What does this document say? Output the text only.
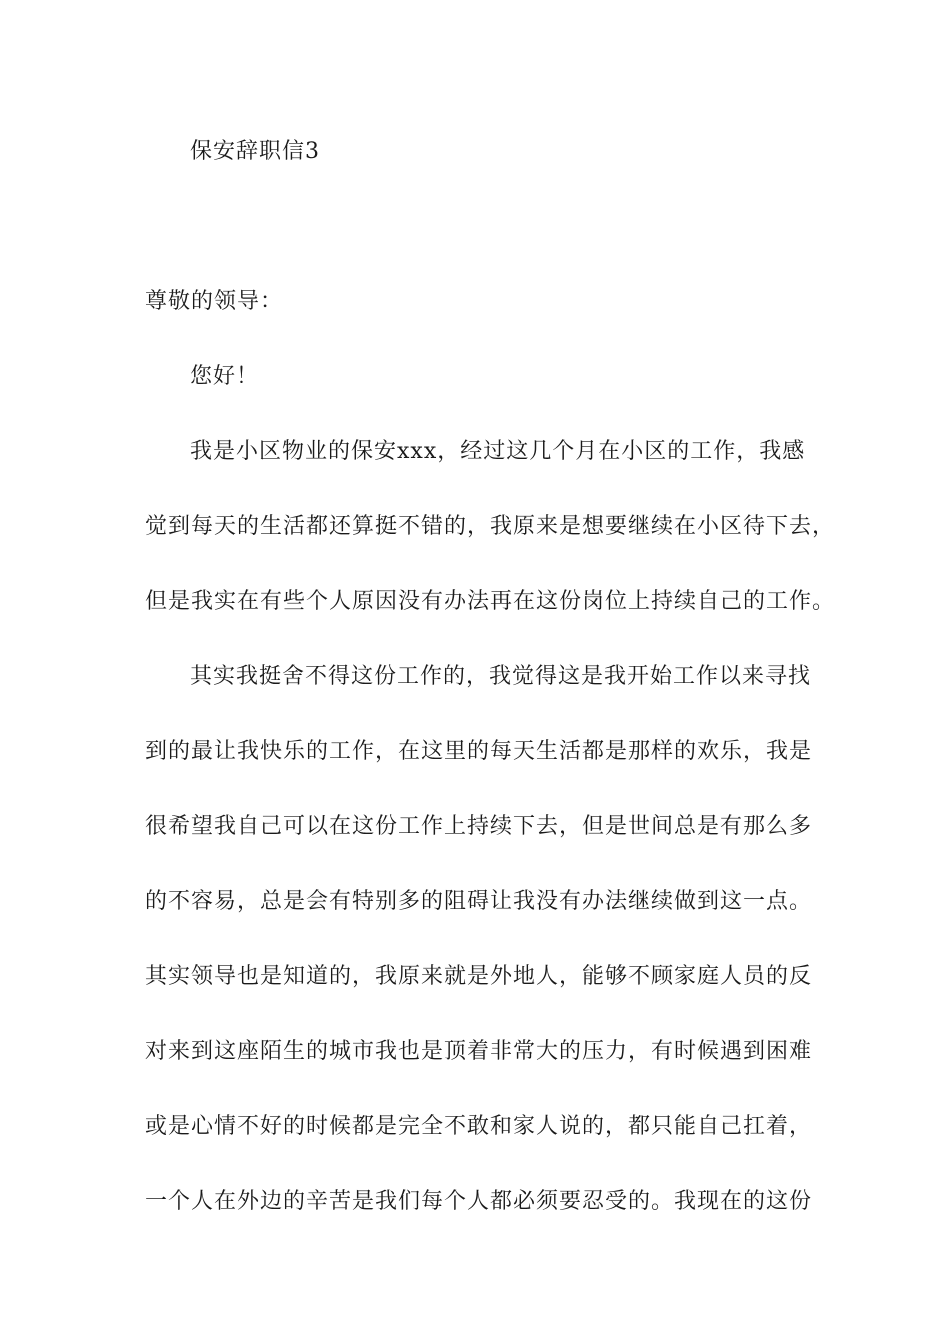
保安辞职信3
尊敬的领导：
您好！
我是小区物业的保安xxx，经过这几个月在小区的工作，我感
觉到每天的生活都还算挺不错的，我原来是想要继续在小区待下去，
但是我实在有些个人原因没有办法再在这份岗位上持续自己的工作。
其实我挺舍不得这份工作的，我觉得这是我开始工作以来寻找
到的最让我快乐的工作，在这里的每天生活都是那样的欢乐，我是
很希望我自己可以在这份工作上持续下去，但是世间总是有那么多
的不容易，总是会有特别多的阻碍让我没有办法继续做到这一点。
其实领导也是知道的，我原来就是外地人，能够不顾家庭人员的反
对来到这座陌生的城市我也是顶着非常大的压力，有时候遇到困难
或是心情不好的时候都是完全不敢和家人说的，都只能自己扛着，
一个人在外边的辛苦是我们每个人都必须要忍受的。我现在的这份
